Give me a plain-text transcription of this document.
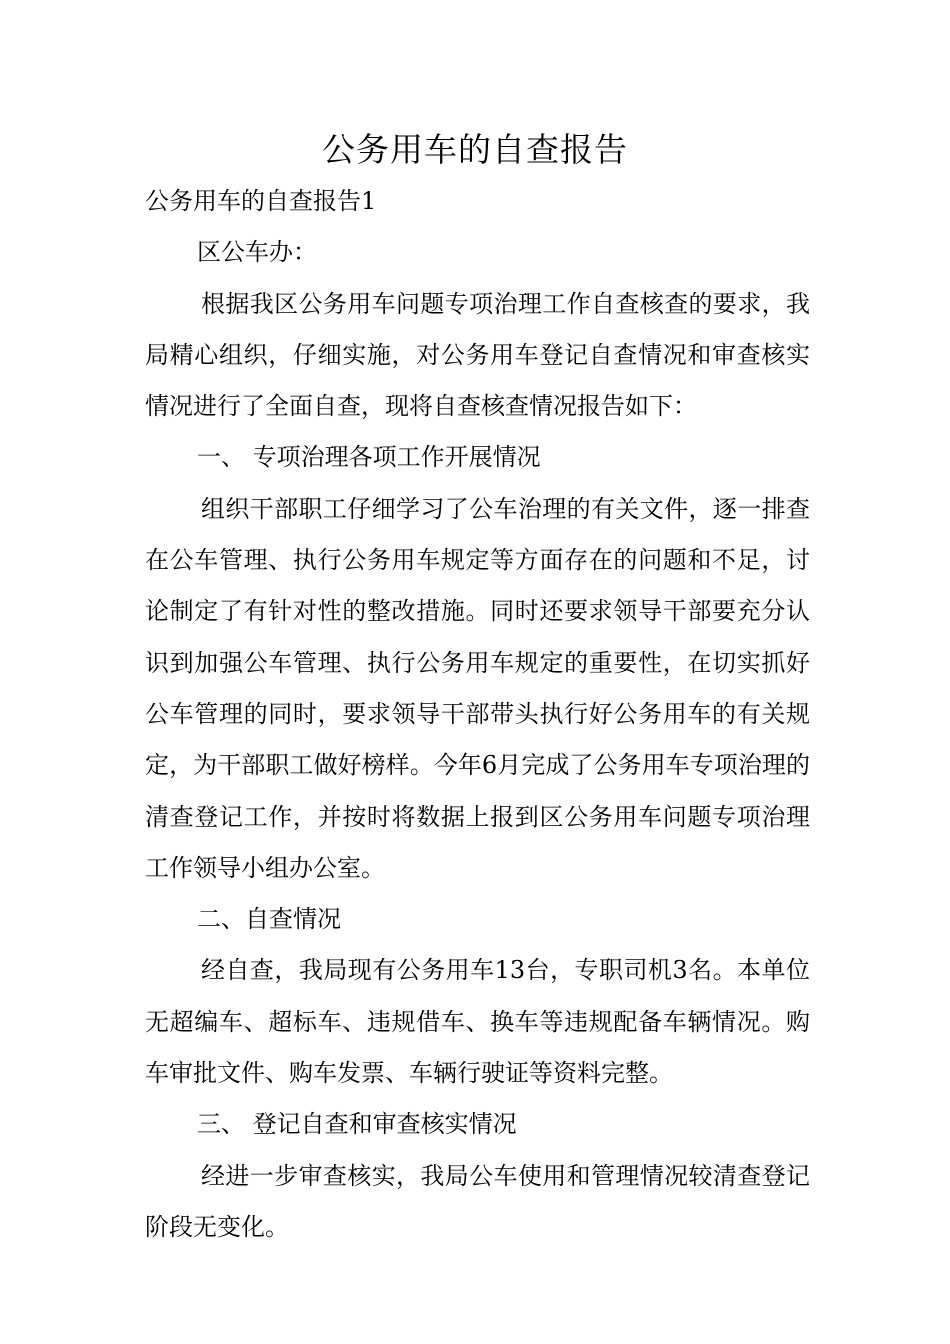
公务用车的自查报告

公务用车的自查报告1

区公车办：

根据我区公务用车问题专项治理工作自查核查的要求，我局精心组织，仔细实施，对公务用车登记自查情况和审查核实情况进行了全面自查，现将自查核查情况报告如下：

一、 专项治理各项工作开展情况

组织干部职工仔细学习了公车治理的有关文件，逐一排查在公车管理、执行公务用车规定等方面存在的问题和不足，讨论制定了有针对性的整改措施。同时还要求领导干部要充分认识到加强公车管理、执行公务用车规定的重要性，在切实抓好公车管理的同时，要求领导干部带头执行好公务用车的有关规定，为干部职工做好榜样。今年6月完成了公务用车专项治理的清查登记工作，并按时将数据上报到区公务用车问题专项治理工作领导小组办公室。

二、自查情况

经自查，我局现有公务用车13台，专职司机3名。本单位无超编车、超标车、违规借车、换车等违规配备车辆情况。购车审批文件、购车发票、车辆行驶证等资料完整。

三、 登记自查和审查核实情况

经进一步审查核实，我局公车使用和管理情况较清查登记阶段无变化。
